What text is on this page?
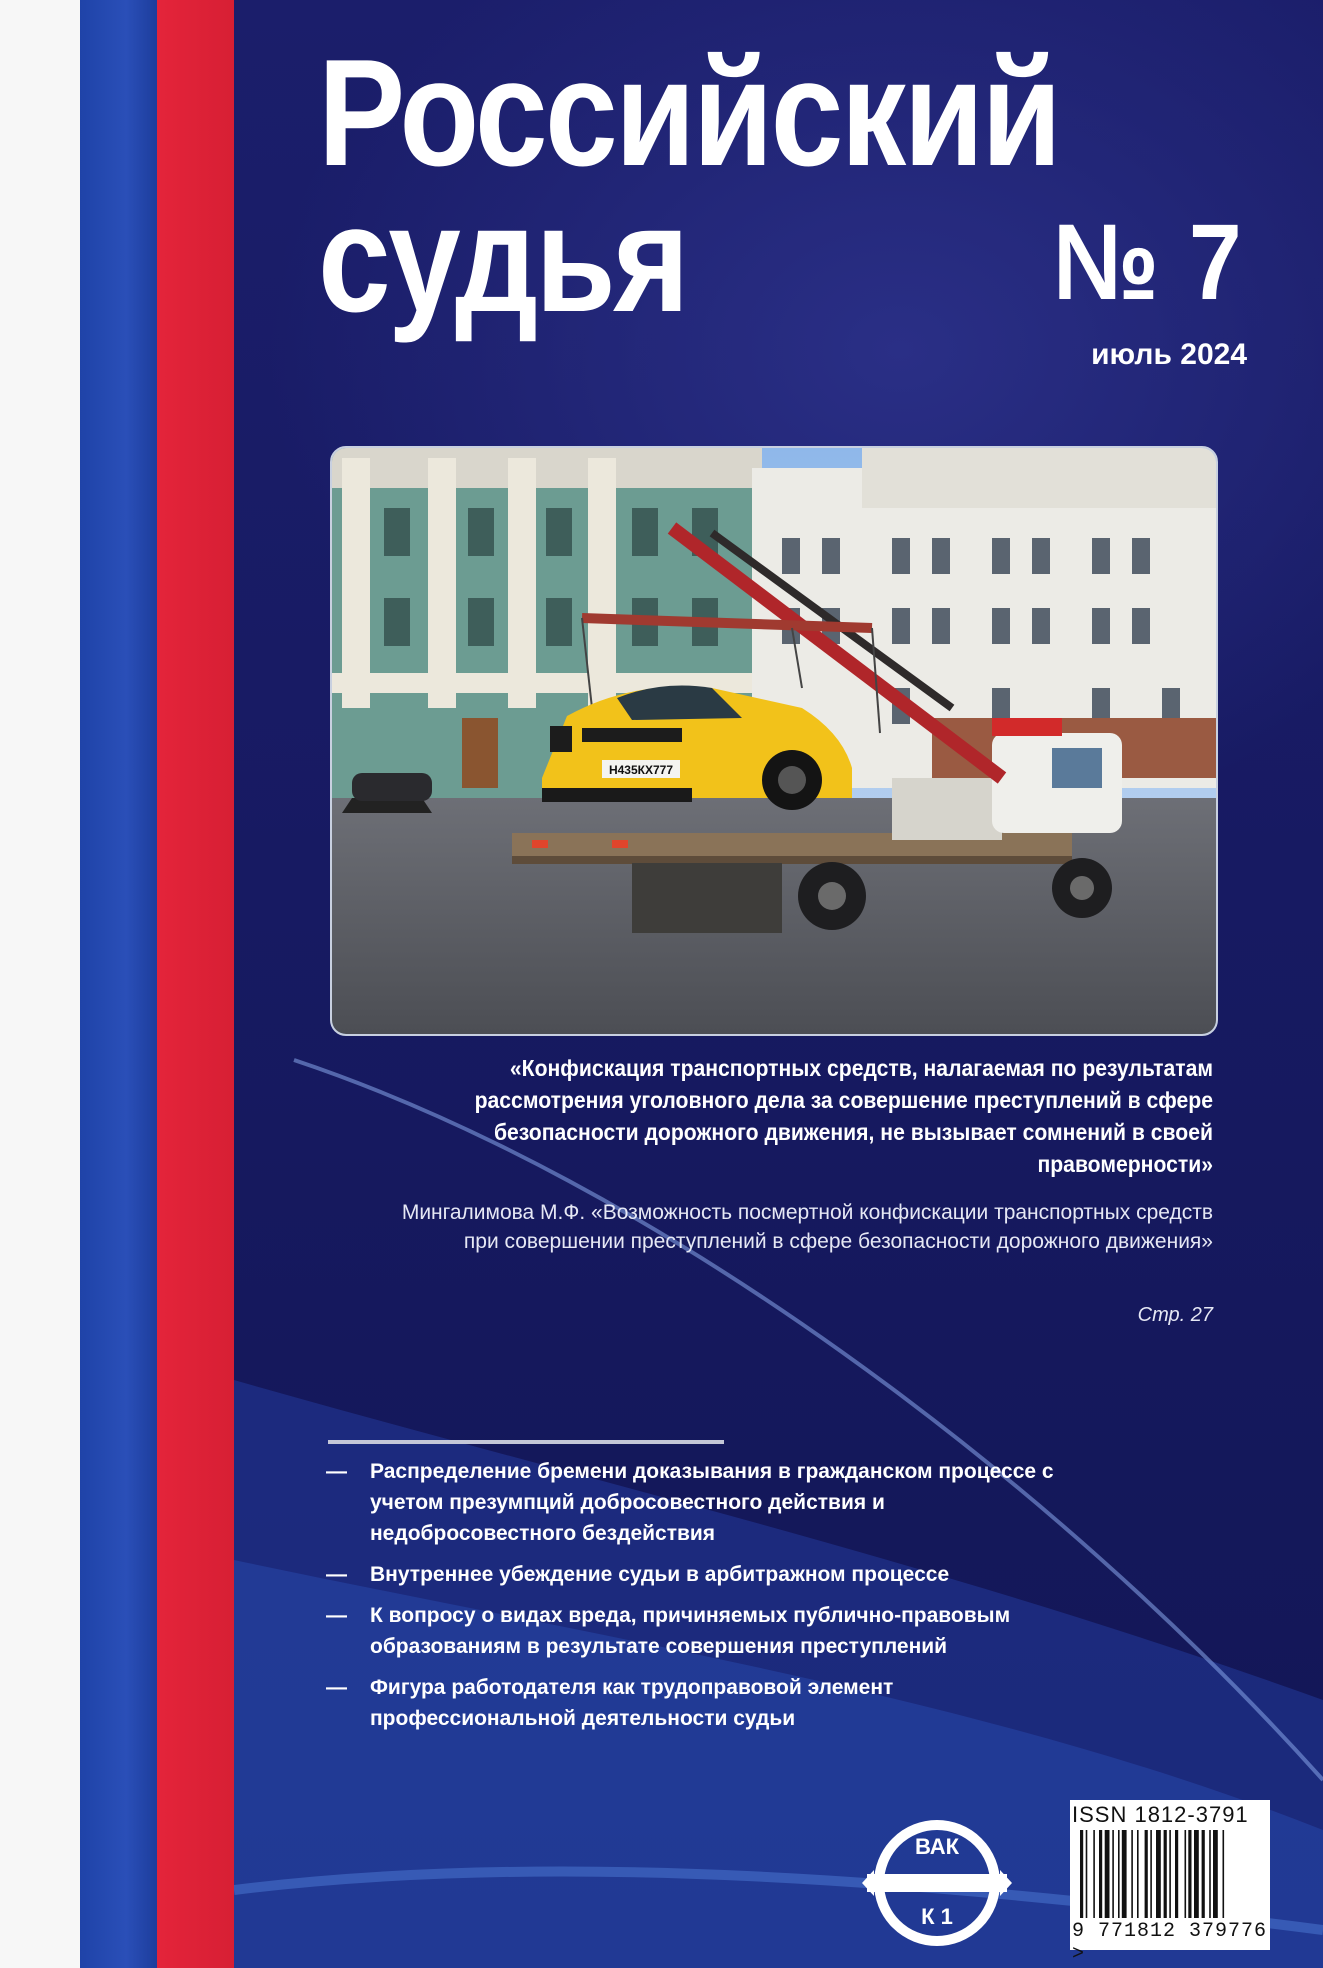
Российский
судья	№ 7
июль 2024
Н435КХ777

«Конфискация транспортных средств, налагаемая по результатам рассмотрения уголовного дела за совершение преступлений в сфере безопасности дорожного движения, не вызывает сомнений в своей правомерности»

Мингалимова М.Ф. «Возможность посмертной конфискации транспортных средств при совершении преступлений в сфере безопасности дорожного движения»

Стр. 27
— Распределение бремени доказывания в гражданском процессе с учетом презумпций добросовестного действия и недобросовестного бездействия
— Внутреннее убеждение судьи в арбитражном процессе
— К вопросу о видах вреда, причиняемых публично-правовым образованиям в результате совершения преступлений
— Фигура работодателя как трудоправовой элемент профессиональной деятельности судьи
ВАК
К 1
ISSN 1812-3791
9 771812 379776 >
